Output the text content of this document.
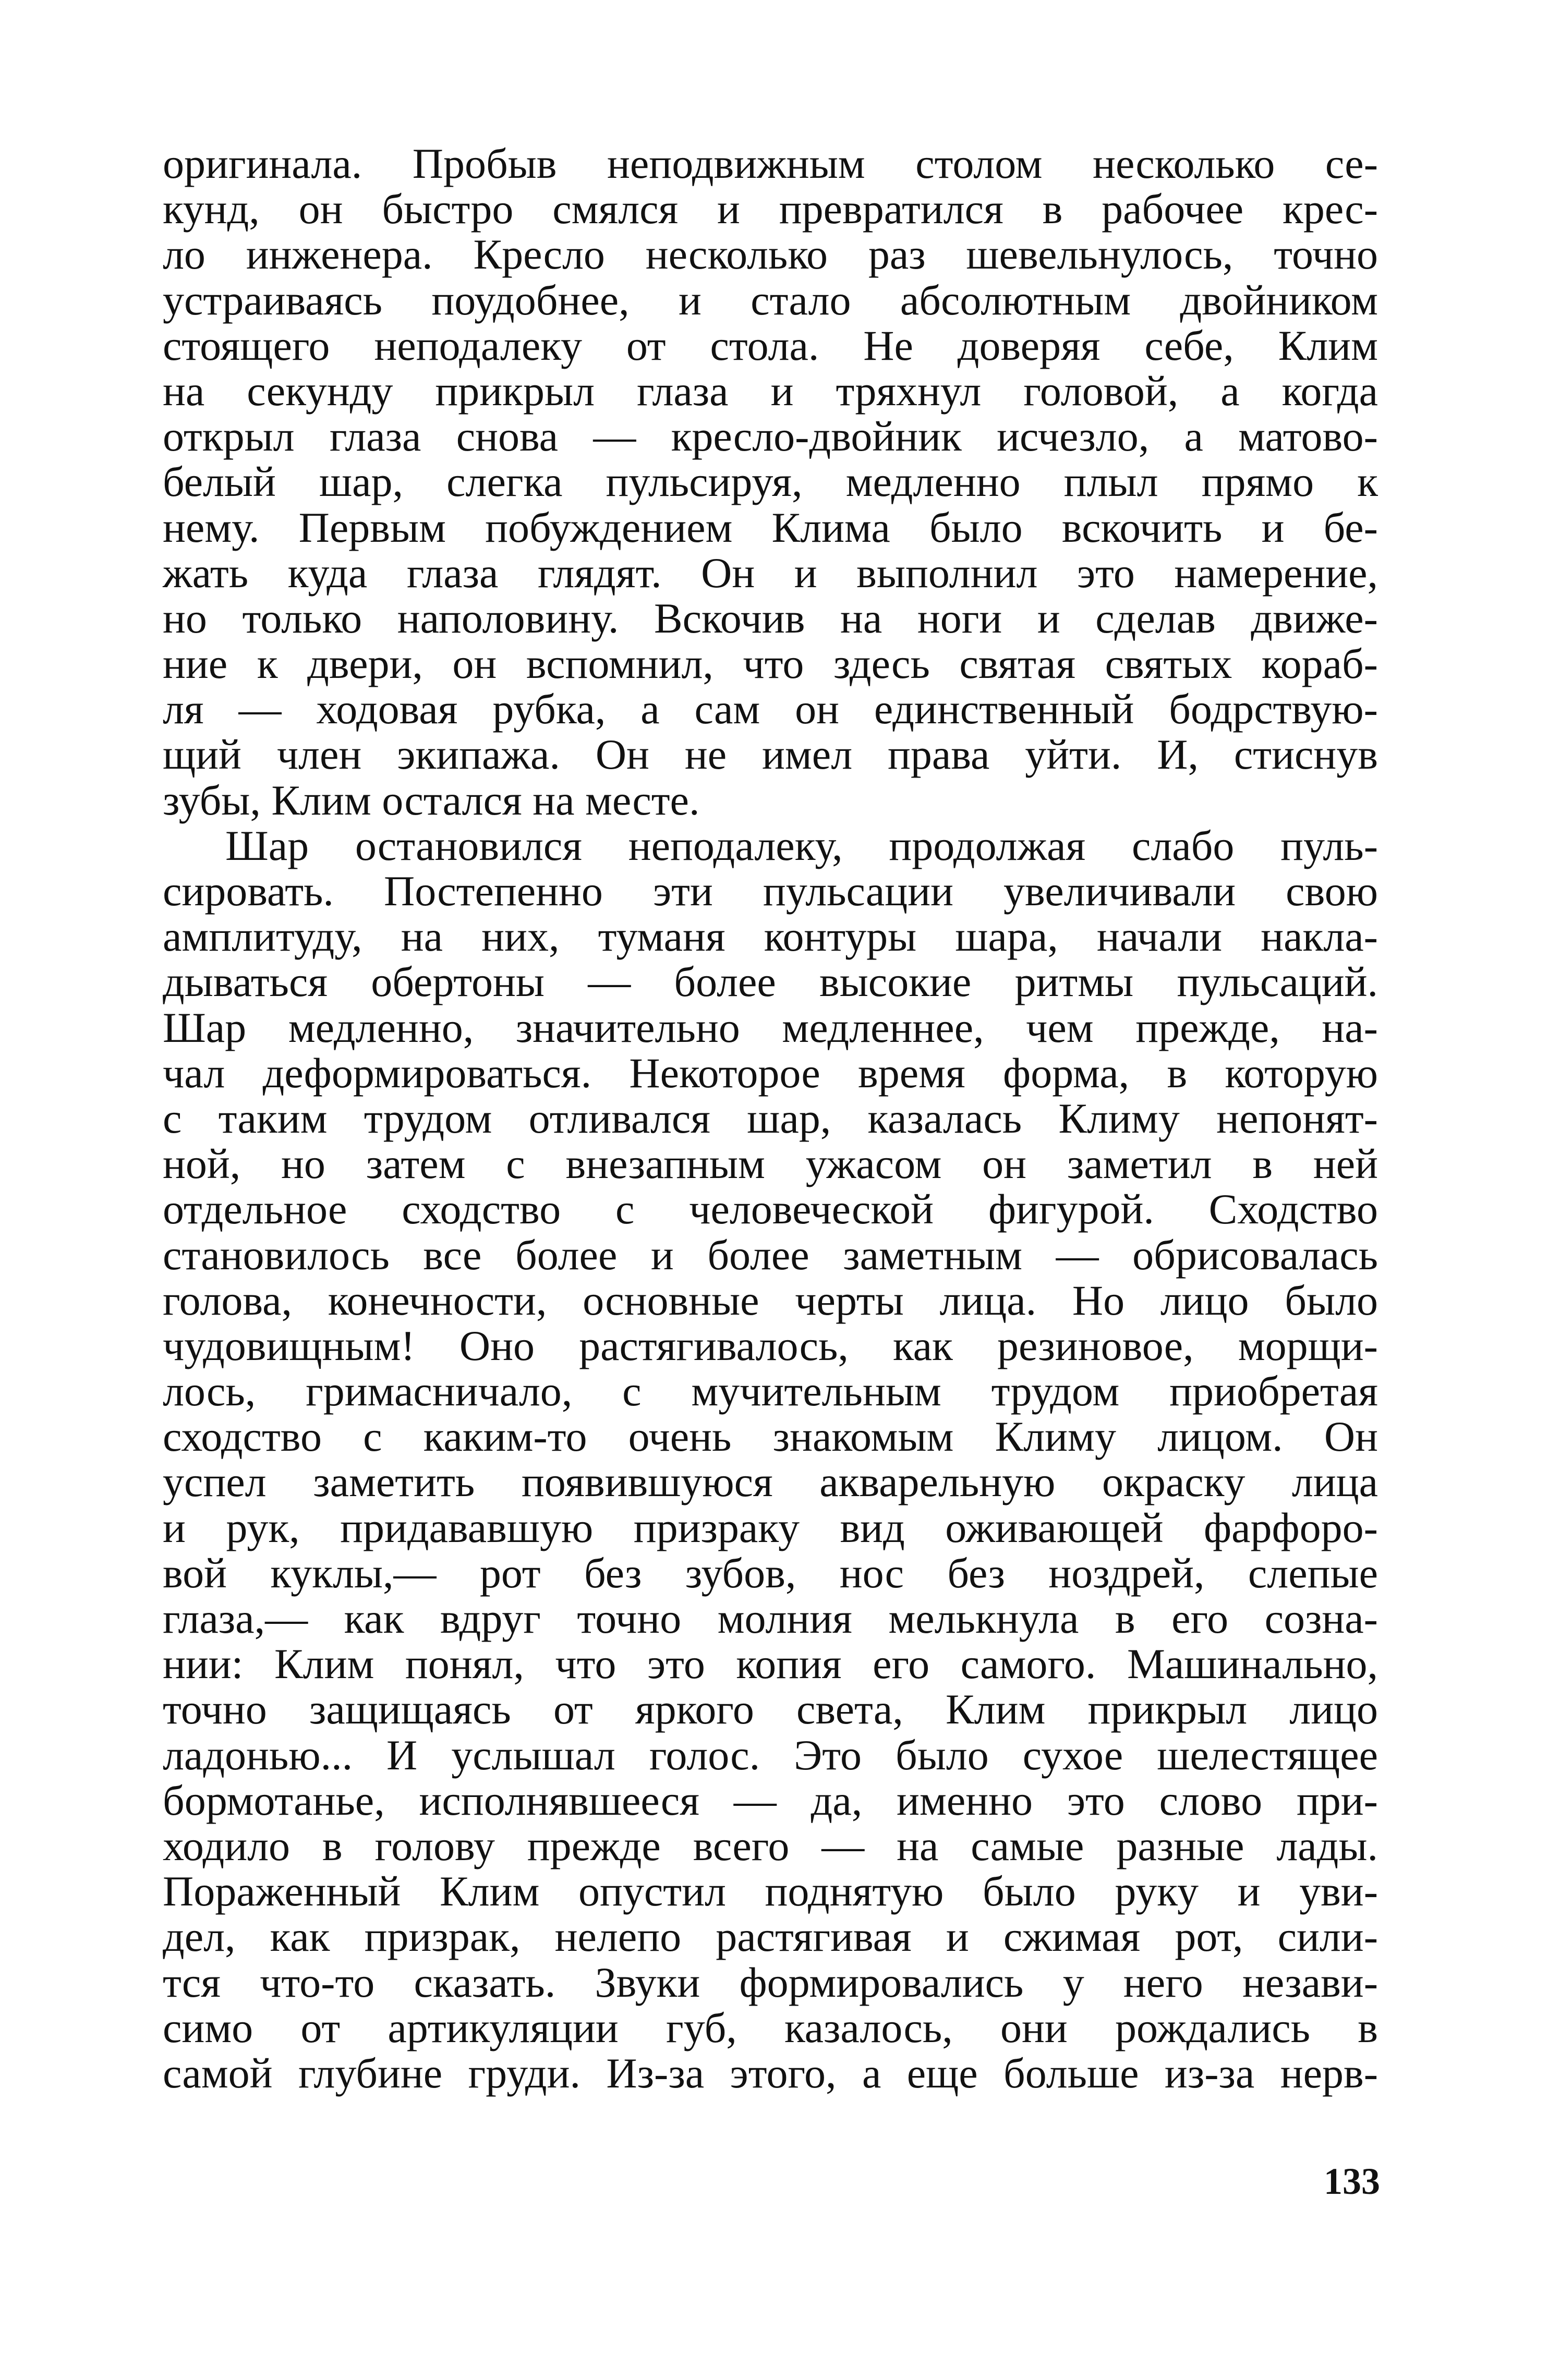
оригинала. Пробыв неподвижным столом несколько се-
кунд, он быстро смялся и превратился в рабочее крес-
ло инженера. Кресло несколько раз шевельнулось, точно
устраиваясь поудобнее, и стало абсолютным двойником
стоящего неподалеку от стола. Не доверяя себе, Клим
на секунду прикрыл глаза и тряхнул головой, а когда
открыл глаза снова — кресло-двойник исчезло, а матово-
белый шар, слегка пульсируя, медленно плыл прямо к
нему. Первым побуждением Клима было вскочить и бе-
жать куда глаза глядят. Он и выполнил это намерение,
но только наполовину. Вскочив на ноги и сделав движе-
ние к двери, он вспомнил, что здесь святая святых кораб-
ля — ходовая рубка, а сам он единственный бодрствую-
щий член экипажа. Он не имел права уйти. И, стиснув
зубы, Клим остался на месте.
Шар остановился неподалеку, продолжая слабо пуль-
сировать. Постепенно эти пульсации увеличивали свою
амплитуду, на них, туманя контуры шара, начали накла-
дываться обертоны — более высокие ритмы пульсаций.
Шар медленно, значительно медленнее, чем прежде, на-
чал деформироваться. Некоторое время форма, в которую
с таким трудом отливался шар, казалась Климу непонят-
ной, но затем с внезапным ужасом он заметил в ней
отдельное сходство с человеческой фигурой. Сходство
становилось все более и более заметным — обрисовалась
голова, конечности, основные черты лица. Но лицо было
чудовищным! Оно растягивалось, как резиновое, морщи-
лось, гримасничало, с мучительным трудом приобретая
сходство с каким-то очень знакомым Климу лицом. Он
успел заметить появившуюся акварельную окраску лица
и рук, придававшую призраку вид оживающей фарфоро-
вой куклы,— рот без зубов, нос без ноздрей, слепые
глаза,— как вдруг точно молния мелькнула в его созна-
нии: Клим понял, что это копия его самого. Машинально,
точно защищаясь от яркого света, Клим прикрыл лицо
ладонью... И услышал голос. Это было сухое шелестящее
бормотанье, исполнявшееся — да, именно это слово при-
ходило в голову прежде всего — на самые разные лады.
Пораженный Клим опустил поднятую было руку и уви-
дел, как призрак, нелепо растягивая и сжимая рот, сили-
тся что-то сказать. Звуки формировались у него незави-
симо от артикуляции губ, казалось, они рождались в
самой глубине груди. Из-за этого, а еще больше из-за нерв-
133
